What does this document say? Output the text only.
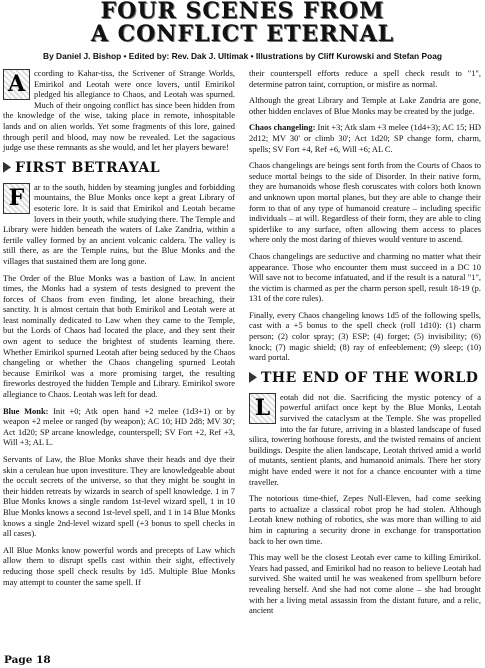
FOUR SCENES FROM
A CONFLICT ETERNAL
By Daniel J. Bishop • Edited by: Rev. Dak J. Ultimak • Illustrations by Cliff Kurowski and Stefan Poag

A	ccording to Kahar-tiss, the Scrivener of Strange Worlds, Emirikol and Leotah were once lovers, until Emirikol pledged his allegiance to Chaos, and Leotah was spurned. Much of their ongoing conflict has since been hidden from the knowledge of the wise, taking place in remote, inhospitable lands and on alien worlds. Yet some fragments of this lore, gained through peril and blood, may now be revealed. Let the sagacious judge use these remnants as she would, and let her players beware!

FIRST BETRAYAL

F	ar to the south, hidden by steaming jungles and forbidding mountains, the Blue Monks once kept a great Library of esoteric lore. It is said that Emirikol and Leotah became lovers in their youth, while studying there. The Temple and Library were hidden beneath the waters of Lake Zandria, within a fertile valley formed by an ancient volcanic caldera. The valley is still there, as are the Temple ruins, but the Blue Monks and the villages that sustained them are long gone.

The Order of the Blue Monks was a bastion of Law. In ancient times, the Monks had a system of tests designed to prevent the forces of Chaos from even finding, let alone breaching, their sanctity. It is almost certain that both Emirikol and Leotah were at least nominally dedicated to Law when they came to the Temple, but the Lords of Chaos had located the place, and they sent their own agent to seduce the brightest of students learning there. Whether Emirikol spurned Leotah after being seduced by the Chaos changeling or whether the Chaos changeling spurned Leotah because Emirikol was a more promising target, the resulting fireworks destroyed the hidden Temple and Library. Emirikol swore allegiance to Chaos. Leotah was left for dead.

Blue Monk: Init +0; Atk open hand +2 melee (1d3+1) or by weapon +2 melee or ranged (by weapon); AC 10; HD 2d8; MV 30'; Act 1d20; SP arcane knowledge, counterspell; SV Fort +2, Ref +3, Will +3; AL L.

Servants of Law, the Blue Monks shave their heads and dye their skin a cerulean hue upon investiture. They are knowledgeable about the occult secrets of the universe, so that they might be sought in their hidden retreats by wizards in search of spell knowledge. 1 in 7 Blue Monks knows a single random 1st-level wizard spell, 1 in 10 Blue Monks knows a second 1st-level spell, and 1 in 14 Blue Monks knows a single 2nd-level wizard spell (+3 bonus to spell checks in all cases).

All Blue Monks know powerful words and precepts of Law which allow them to disrupt spells cast within their sight, effectively reducing those spell check results by 1d5. Multiple Blue Monks may attempt to counter the same spell. If

their counterspell efforts reduce a spell check result to "1", determine patron taint, corruption, or misfire as normal.

Although the great Library and Temple at Lake Zandria are gone, other hidden enclaves of Blue Monks may be created by the judge.

Chaos changeling: Init +3; Atk slam +3 melee (1d4+3); AC 15; HD 2d12; MV 30' or climb 30'; Act 1d20; SP change form, charm, spells; SV Fort +4, Ref +6, Will +6; AL C.

Chaos changelings are beings sent forth from the Courts of Chaos to seduce mortal beings to the side of Disorder. In their native form, they are humanoids whose flesh coruscates with colors both known and unknown upon mortal planes, but they are able to change their form to that of any type of humanoid creature – including specific individuals – at will. Regardless of their form, they are able to cling spiderlike to any surface, often allowing them access to places where only the most daring of thieves would venture to ascend.

Chaos changelings are seductive and charming no matter what their appearance. Those who encounter them must succeed in a DC 10 Will save not to become infatuated, and if the result is a natural "1", the victim is charmed as per the charm person spell, result 18-19 (p. 131 of the core rules).

Finally, every Chaos changeling knows 1d5 of the following spells, cast with a +5 bonus to the spell check (roll 1d10): (1) charm person; (2) color spray; (3) ESP; (4) forget; (5) invisibility; (6) knock; (7) magic shield; (8) ray of enfeeblement; (9) sleep; (10) ward portal.

THE END OF THE WORLD

L	eotah did not die. Sacrificing the mystic potency of a powerful artifact once kept by the Blue Monks, Leotah survived the cataclysm at the Temple. She was propelled into the far future, arriving in a blasted landscape of fused silica, towering hothouse forests, and the twisted remains of ancient buildings. Despite the alien landscape, Leotah thrived amid a world of mutants, sentient plants, and humanoid animals. There her story might have ended were it not for a chance encounter with a time traveller.

The notorious time-thief, Zepes Null-Eleven, had come seeking parts to actualize a classical robot prop he had stolen. Although Leotah knew nothing of robotics, she was more than willing to aid him in capturing a security drone in exchange for transportation back to her own time.

This may well be the closest Leotah ever came to killing Emirikol. Years had passed, and Emirikol had no reason to believe Leotah had survived. She waited until he was weakened from spellburn before revealing herself. And she had not come alone – she had brought with her a living metal assassin from the distant future, and a relic, ancient

Page 18
